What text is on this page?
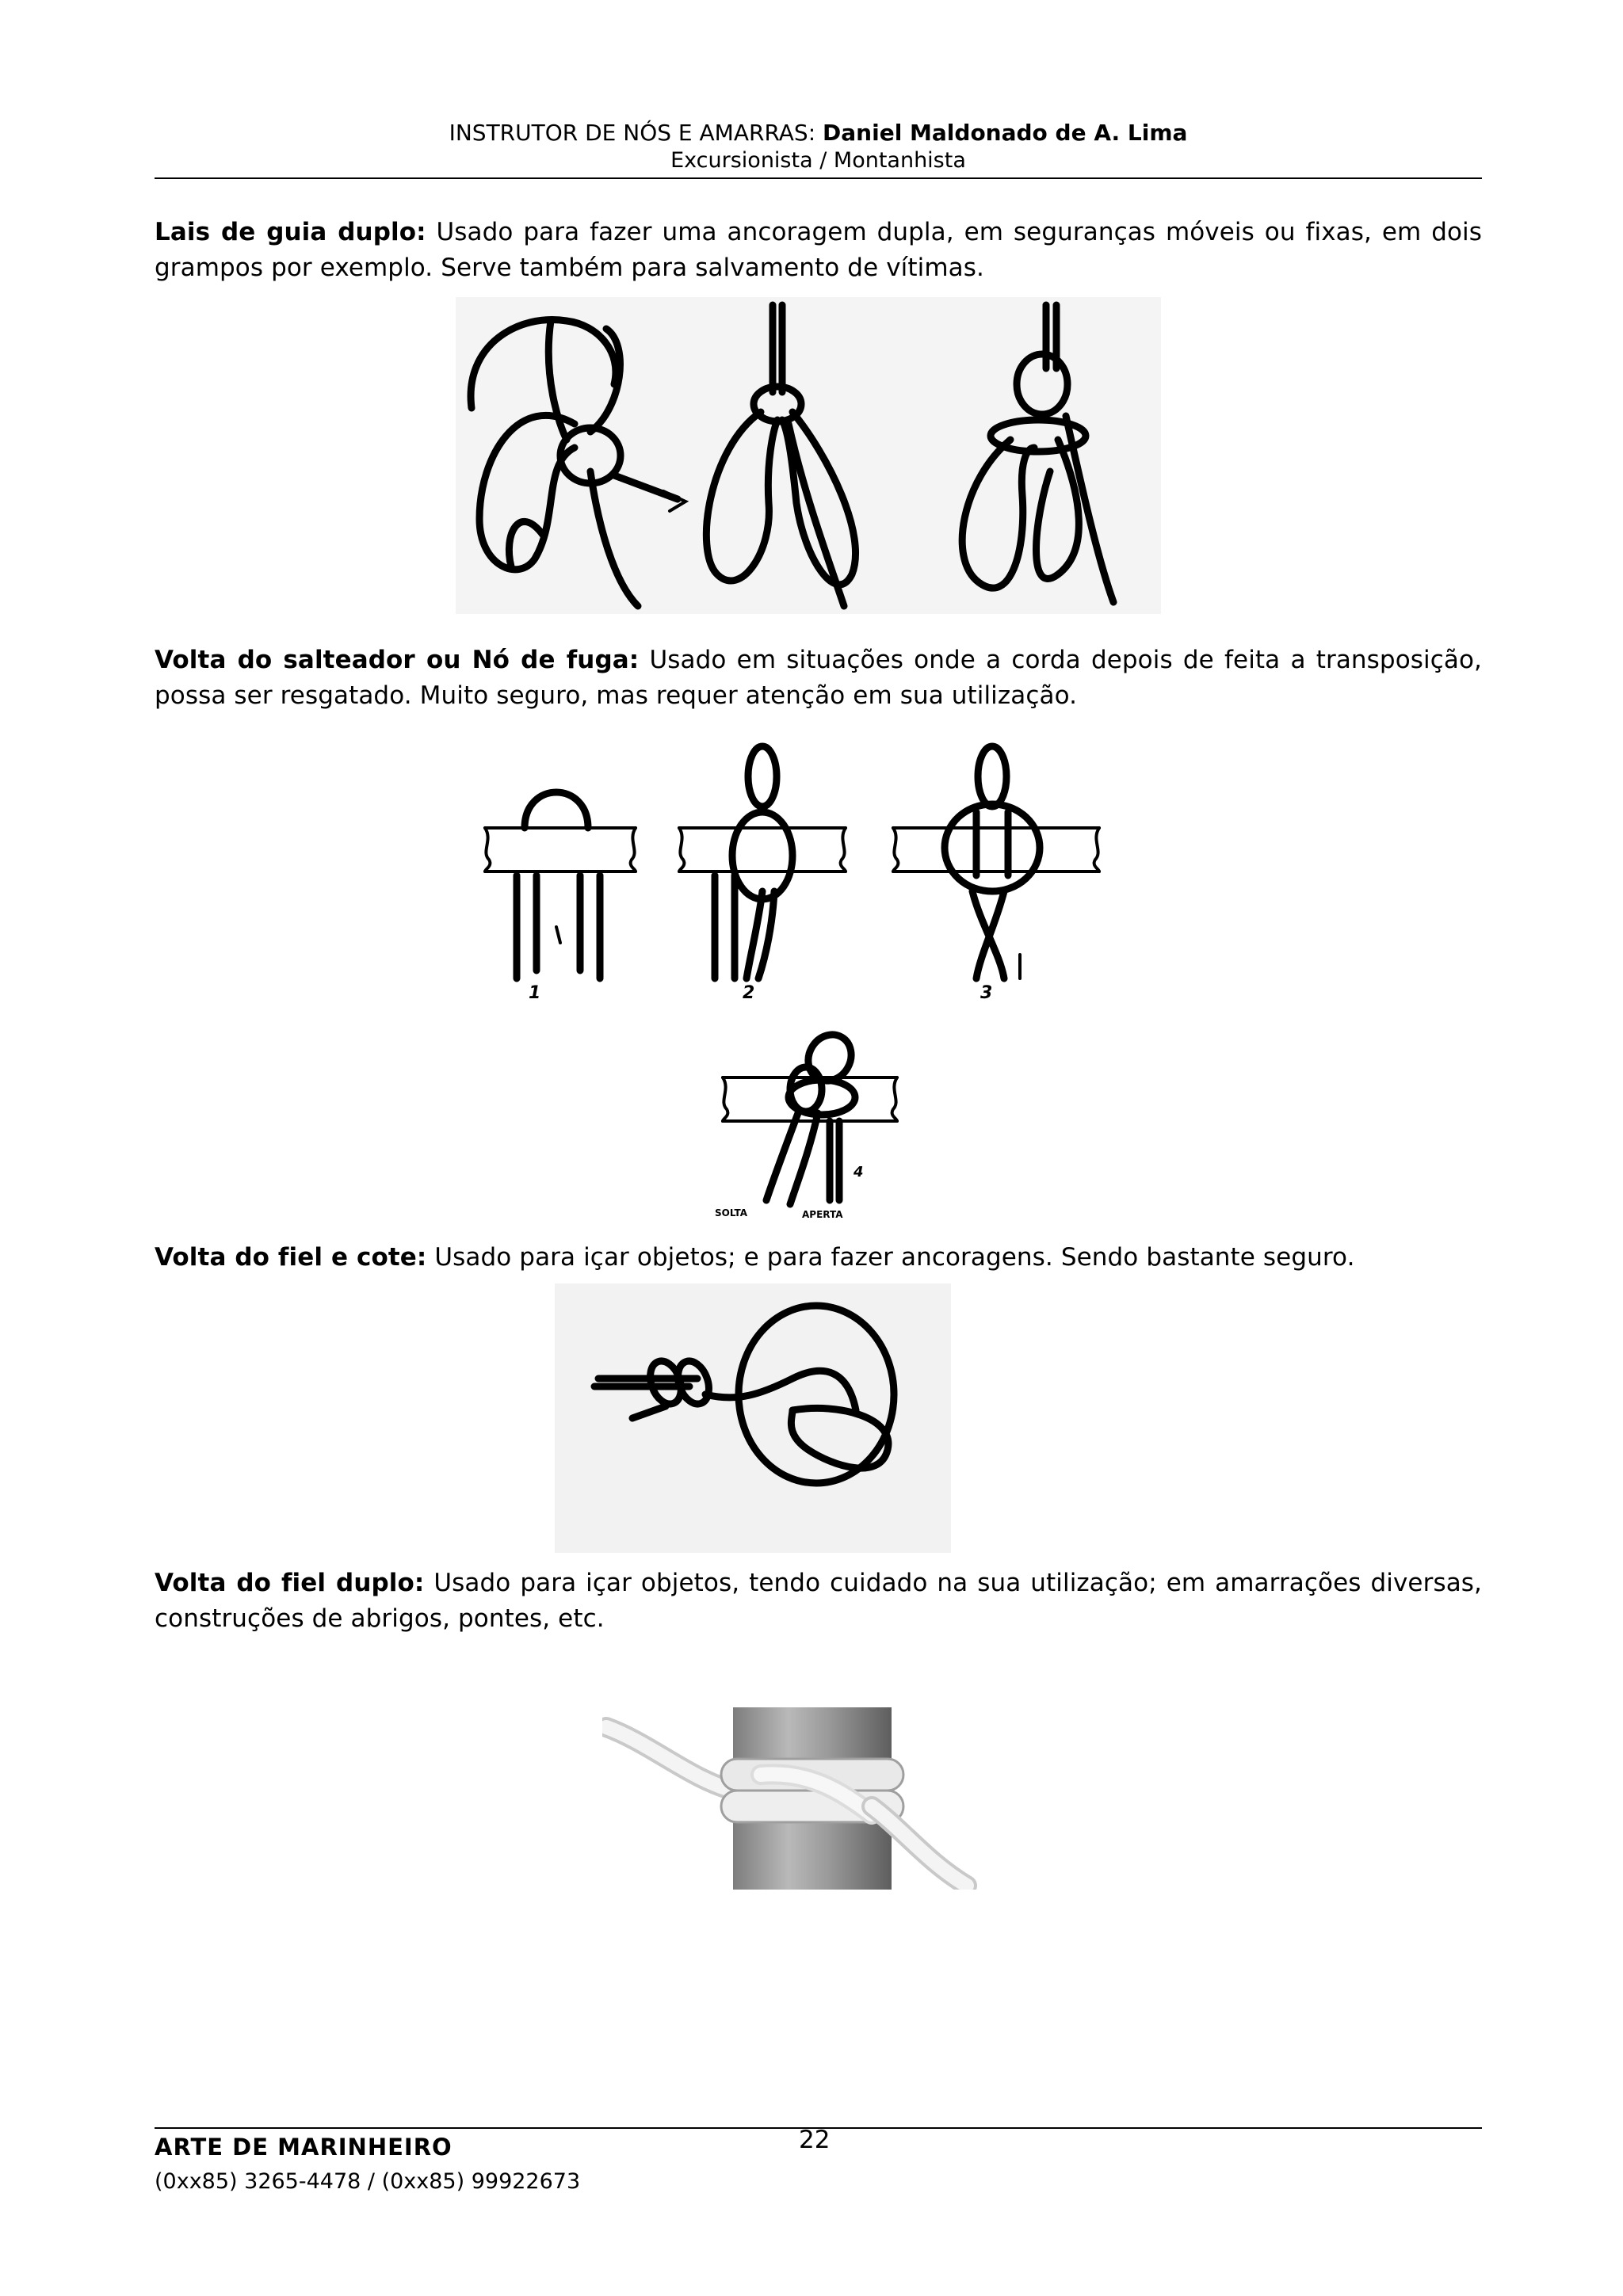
INSTRUTOR DE NÓS E AMARRAS: Daniel Maldonado de A. Lima
Excursionista / Montanhista
Lais de guia duplo: Usado para fazer uma ancoragem dupla, em seguranças móveis ou fixas, em dois grampos por exemplo. Serve também para salvamento de vítimas.
Volta do salteador ou Nó de fuga: Usado em situações onde a corda depois de feita a transposição, possa ser resgatado. Muito seguro, mas requer atenção em sua utilização.
1	2	3
4
SOLTA	APERTA
Volta do fiel e cote: Usado para içar objetos; e para fazer ancoragens. Sendo bastante seguro.
Volta do fiel duplo: Usado para içar objetos, tendo cuidado na sua utilização; em amarrações diversas, construções de abrigos, pontes, etc.
ARTE DE MARINHEIRO
(0xx85) 3265-4478 / (0xx85) 99922673
22
